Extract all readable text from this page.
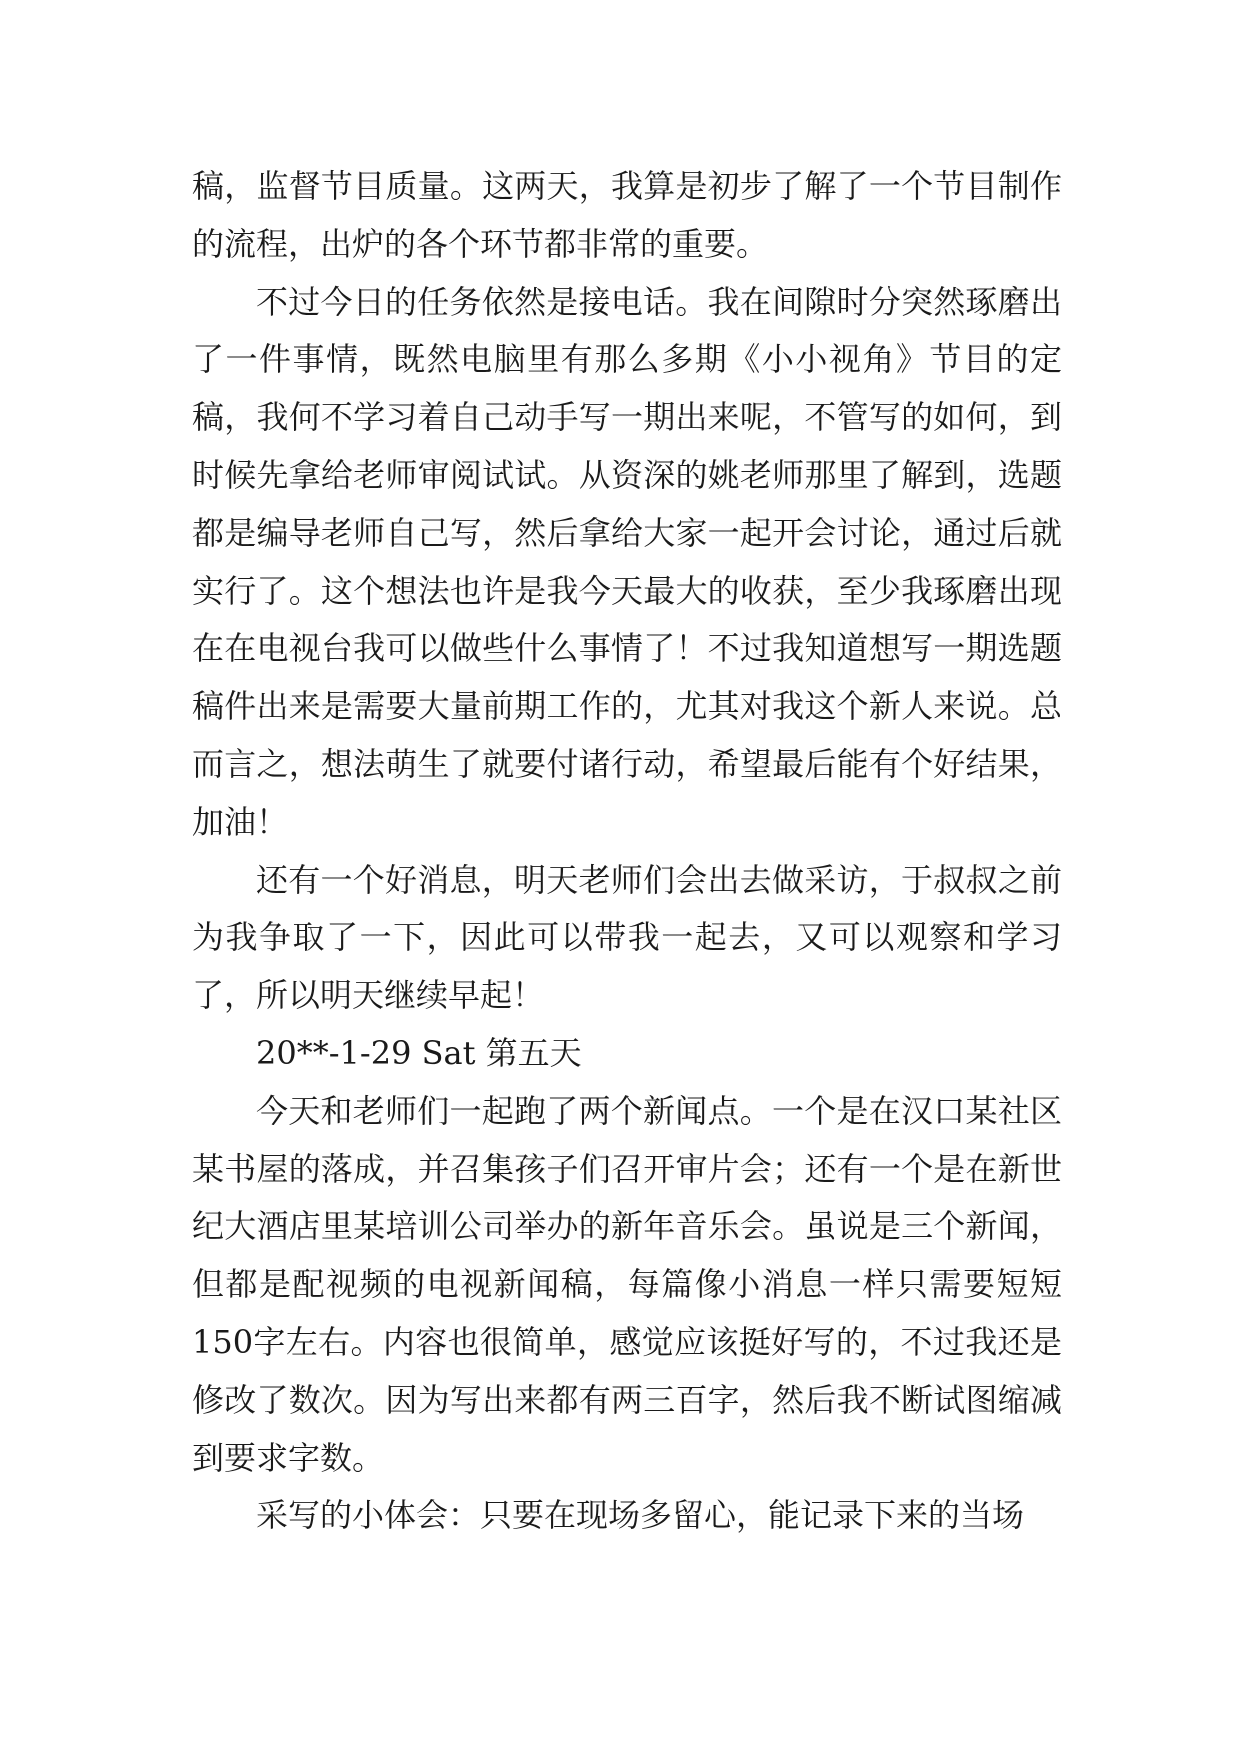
稿，监督节目质量。这两天，我算是初步了解了一个节目制作的流程，出炉的各个环节都非常的重要。

不过今日的任务依然是接电话。我在间隙时分突然琢磨出了一件事情，既然电脑里有那么多期《小小视角》节目的定稿，我何不学习着自己动手写一期出来呢，不管写的如何，到时候先拿给老师审阅试试。从资深的姚老师那里了解到，选题都是编导老师自己写，然后拿给大家一起开会讨论，通过后就实行了。这个想法也许是我今天最大的收获，至少我琢磨出现在在电视台我可以做些什么事情了！不过我知道想写一期选题稿件出来是需要大量前期工作的，尤其对我这个新人来说。总而言之，想法萌生了就要付诸行动，希望最后能有个好结果，加油！

还有一个好消息，明天老师们会出去做采访，于叔叔之前为我争取了一下，因此可以带我一起去，又可以观察和学习了，所以明天继续早起！

20**-1-29 Sat 第五天

今天和老师们一起跑了两个新闻点。一个是在汉口某社区某书屋的落成，并召集孩子们召开审片会；还有一个是在新世纪大酒店里某培训公司举办的新年音乐会。虽说是三个新闻，但都是配视频的电视新闻稿，每篇像小消息一样只需要短短150字左右。内容也很简单，感觉应该挺好写的，不过我还是修改了数次。因为写出来都有两三百字，然后我不断试图缩减到要求字数。

采写的小体会：只要在现场多留心，能记录下来的当场
